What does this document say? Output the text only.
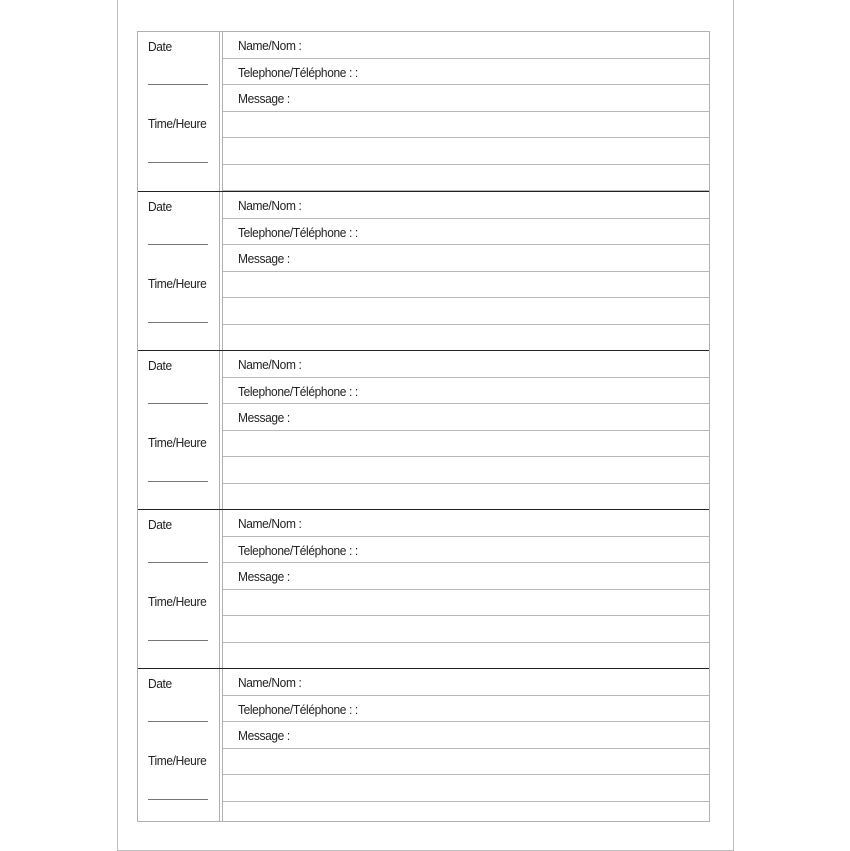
Date
Time/Heure
Name/Nom :
Telephone/Téléphone : :
Message :
Date
Time/Heure
Name/Nom :
Telephone/Téléphone : :
Message :
Date
Time/Heure
Name/Nom :
Telephone/Téléphone : :
Message :
Date
Time/Heure
Name/Nom :
Telephone/Téléphone : :
Message :
Date
Time/Heure
Name/Nom :
Telephone/Téléphone : :
Message :
